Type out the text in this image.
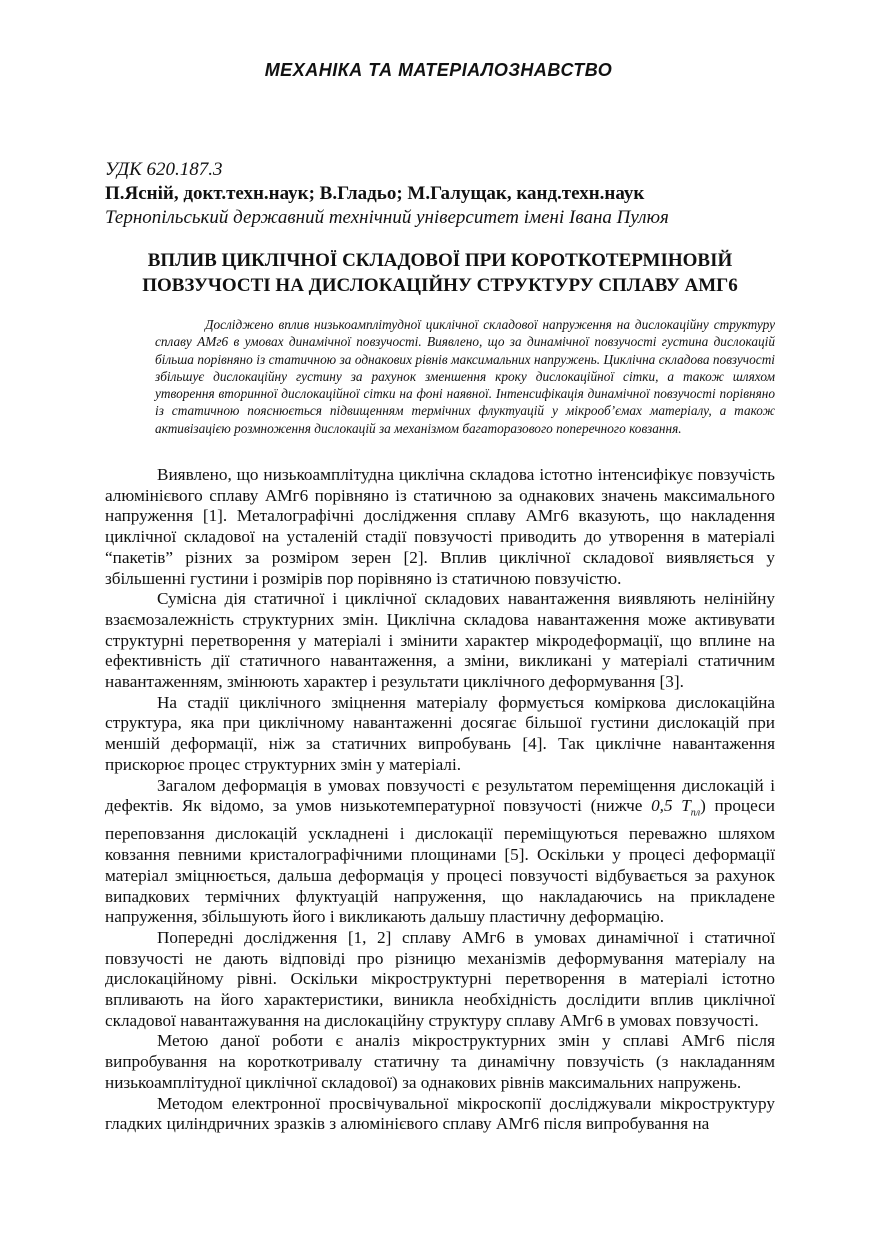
МЕХАНІКА ТА МАТЕРІАЛОЗНАВСТВО
УДК 620.187.3
П.Ясній, докт.техн.наук; В.Гладьо; М.Галущак, канд.техн.наук
Тернопільський державний технічний університет імені Івана Пулюя
ВПЛИВ ЦИКЛІЧНОЇ СКЛАДОВОЇ ПРИ КОРОТКОТЕРМІНОВІЙ
ПОВЗУЧОСТІ НА ДИСЛОКАЦІЙНУ СТРУКТУРУ СПЛАВУ АМГ6
Досліджено вплив низькоамплітудної циклічної складової напруження на дислокаційну структуру сплаву АМг6 в умовах динамічної повзучості. Виявлено, що за динамічної повзучості густина дислокацій більша порівняно із статичною за однакових рівнів максимальних напружень. Циклічна складова повзучості збільшує дислокаційну густину за рахунок зменшення кроку дислокаційної сітки, а також шляхом утворення вторинної дислокаційної сітки на фоні наявної. Інтенсифікація динамічної повзучості порівняно із статичною пояснюється підвищенням термічних флуктуацій у мікрооб’ємах матеріалу, а також активізацією розмноження дислокацій за механізмом багаторазового поперечного ковзання.

Виявлено, що низькоамплітудна циклічна складова істотно інтенсифікує повзучість алюмінієвого сплаву АМг6 порівняно із статичною за однакових значень максимального напруження [1]. Металографічні дослідження сплаву АМг6 вказують, що накладення циклічної складової на усталеній стадії повзучості приводить до утворення в матеріалі “пакетів” різних за розміром зерен [2]. Вплив циклічної складової виявляється у збільшенні густини і розмірів пор порівняно із статичною повзучістю.

Сумісна дія статичної і циклічної складових навантаження виявляють нелінійну взаємозалежність структурних змін. Циклічна складова навантаження може активувати структурні перетворення у матеріалі і змінити характер мікродеформації, що вплине на ефективність дії статичного навантаження, а зміни, викликані у матеріалі статичним навантаженням, змінюють характер і результати циклічного деформування [3].

На стадії циклічного зміцнення матеріалу формується коміркова дислокаційна структура, яка при циклічному навантаженні досягає більшої густини дислокацій при меншій деформації, ніж за статичних випробувань [4]. Так циклічне навантаження прискорює процес структурних змін у матеріалі.

Загалом деформація в умовах повзучості є результатом переміщення дислокацій і дефектів. Як відомо, за умов низькотемпературної повзучості (нижче 0,5 $T_{пл}$) процеси переповзання дислокацій ускладнені і дислокації переміщуються переважно шляхом ковзання певними кристалографічними площинами [5]. Оскільки у процесі деформації матеріал зміцнюється, дальша деформація у процесі повзучості відбувається за рахунок випадкових термічних флуктуацій напруження, що накладаючись на прикладене напруження, збільшують його і викликають дальшу пластичну деформацію.

Попередні дослідження [1, 2] сплаву АМг6 в умовах динамічної і статичної повзучості не дають відповіді про різницю механізмів деформування матеріалу на дислокаційному рівні. Оскільки мікроструктурні перетворення в матеріалі істотно впливають на його характеристики, виникла необхідність дослідити вплив циклічної складової навантажування на дислокаційну структуру сплаву АМг6 в умовах повзучості.

Метою даної роботи є аналіз мікроструктурних змін у сплаві АМг6 після випробування на короткотривалу статичну та динамічну повзучість (з накладанням низькоамплітудної циклічної складової) за однакових рівнів максимальних напружень.

Методом електронної просвічувальної мікроскопії досліджували мікроструктуру гладких циліндричних зразків з алюмінієвого сплаву АМг6 після випробування на
